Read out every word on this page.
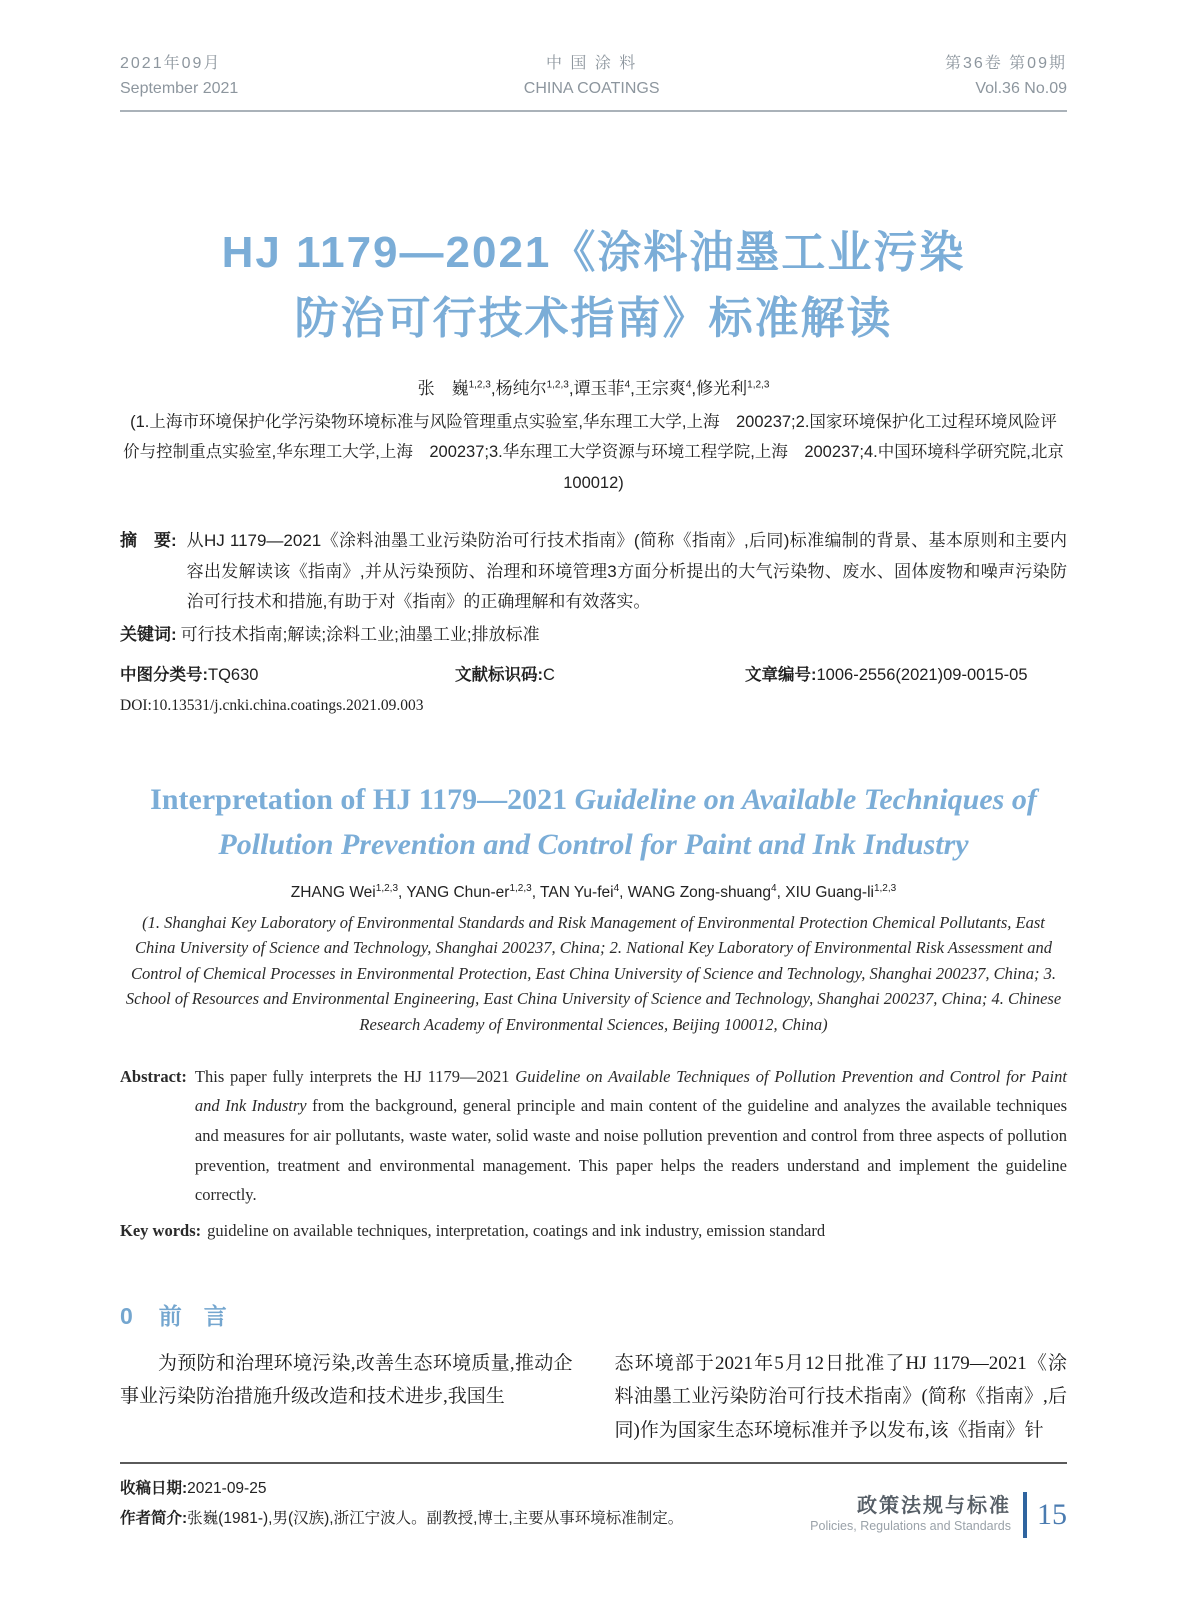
2021年09月
September 2021
中 国 涂 料
CHINA COATINGS
第36卷 第09期
Vol.36 No.09
HJ 1179—2021《涂料油墨工业污染
防治可行技术指南》标准解读
张　巍$^{1,2,3}$ , 杨纯尔$^{1,2,3}$ , 谭玉菲$^4$ , 王宗爽$^4$ , 修光利$^{1,2,3}$
(1.上海市环境保护化学污染物环境标准与风险管理重点实验室,华东理工大学,上海　200237;2.国家环境保护化工过程环境风险评价与控制重点实验室,华东理工大学,上海　200237;3.华东理工大学资源与环境工程学院,上海　200237;4.中国环境科学研究院,北京　100012)
摘　要: 从HJ 1179—2021《涂料油墨工业污染防治可行技术指南》(简称《指南》,后同)标准编制的背景、基本原则和主要内容出发解读该《指南》,并从污染预防、治理和环境管理3方面分析提出的大气污染物、废水、固体废物和噪声污染防治可行技术和措施,有助于对《指南》的正确理解和有效落实。
关键词: 可行技术指南;解读;涂料工业;油墨工业;排放标准
中图分类号:TQ630	文献标识码:C	文章编号:1006-2556(2021)09-0015-05
DOI:10.13531/j.cnki.china.coatings.2021.09.003
Interpretation of HJ 1179—2021 Guideline on Available Techniques of Pollution Prevention and Control for Paint and Ink Industry
ZHANG Wei$^{1,2,3}$ , YANG Chun-er$^{1,2,3}$ , TAN Yu-fei$^4$ , WANG Zong-shuang$^4$ , XIU Guang-li$^{1,2,3}$
(1. Shanghai Key Laboratory of Environmental Standards and Risk Management of Environmental Protection Chemical Pollutants, East China University of Science and Technology, Shanghai 200237, China; 2. National Key Laboratory of Environmental Risk Assessment and Control of Chemical Processes in Environmental Protection, East China University of Science and Technology, Shanghai 200237, China; 3. School of Resources and Environmental Engineering, East China University of Science and Technology, Shanghai 200237, China; 4. Chinese Research Academy of Environmental Sciences, Beijing 100012, China)
Abstract: This paper fully interprets the HJ 1179—2021 Guideline on Available Techniques of Pollution Prevention and Control for Paint and Ink Industry from the background, general principle and main content of the guideline and analyzes the available techniques and measures for air pollutants, waste water, solid waste and noise pollution prevention and control from three aspects of pollution prevention, treatment and environmental management. This paper helps the readers understand and implement the guideline correctly.
Key words: guideline on available techniques, interpretation, coatings and ink industry, emission standard
0 前言

为预防和治理环境污染,改善生态环境质量,推动企事业污染防治措施升级改造和技术进步,我国生

态环境部于2021年5月12日批准了HJ 1179—2021《涂料油墨工业污染防治可行技术指南》(简称《指南》,后同)作为国家生态环境标准并予以发布,该《指南》针

收稿日期:2021-09-25
作者简介:张巍(1981-),男(汉族),浙江宁波人。副教授,博士,主要从事环境标准制定。
政策法规与标准
Policies, Regulations and Standards 15
